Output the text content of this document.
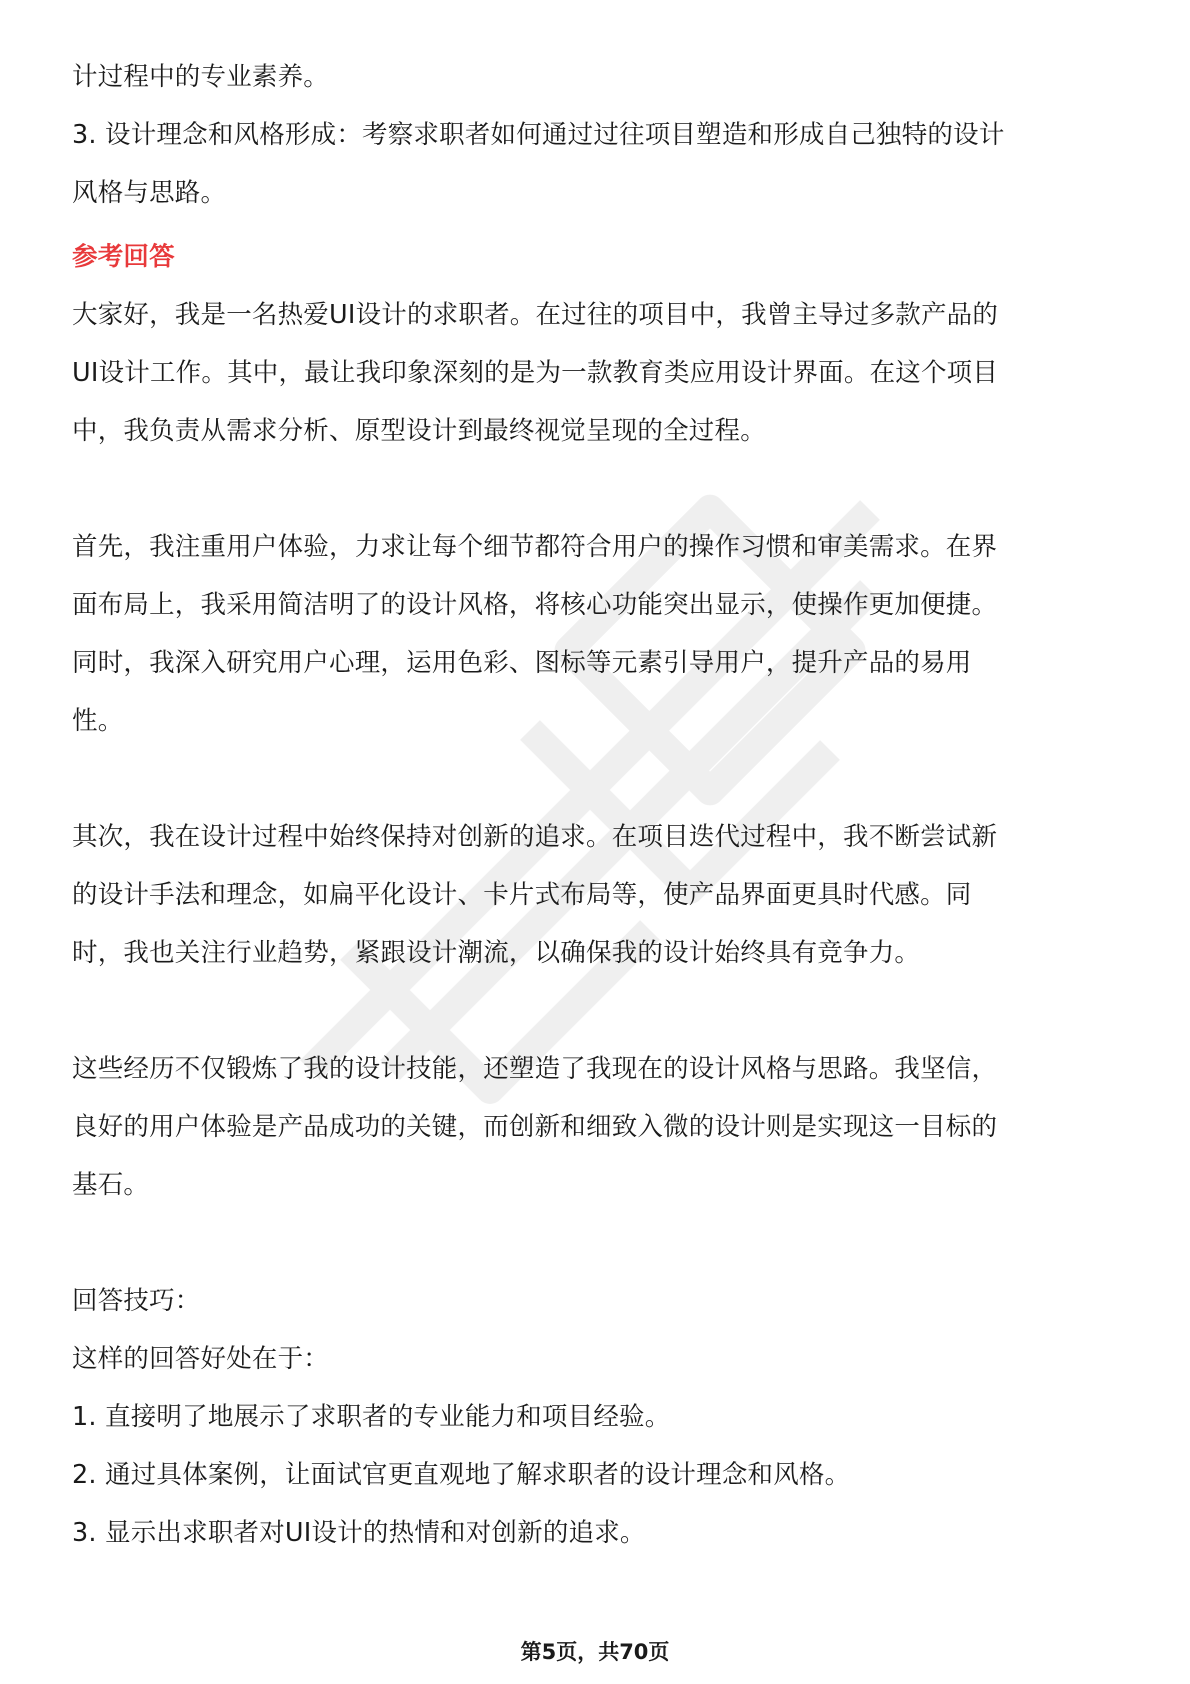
计过程中的专业素养。
3. 设计理念和风格形成：考察求职者如何通过过往项目塑造和形成自己独特的设计
风格与思路。
参考回答
大家好，我是一名热爱UI设计的求职者。在过往的项目中，我曾主导过多款产品的
UI设计工作。其中，最让我印象深刻的是为一款教育类应用设计界面。在这个项目
中，我负责从需求分析、原型设计到最终视觉呈现的全过程。
首先，我注重用户体验，力求让每个细节都符合用户的操作习惯和审美需求。在界
面布局上，我采用简洁明了的设计风格，将核心功能突出显示，使操作更加便捷。
同时，我深入研究用户心理，运用色彩、图标等元素引导用户，提升产品的易用
性。
其次，我在设计过程中始终保持对创新的追求。在项目迭代过程中，我不断尝试新
的设计手法和理念，如扁平化设计、卡片式布局等，使产品界面更具时代感。同
时，我也关注行业趋势，紧跟设计潮流，以确保我的设计始终具有竞争力。
这些经历不仅锻炼了我的设计技能，还塑造了我现在的设计风格与思路。我坚信，
良好的用户体验是产品成功的关键，而创新和细致入微的设计则是实现这一目标的
基石。
回答技巧：
这样的回答好处在于：
1. 直接明了地展示了求职者的专业能力和项目经验。
2. 通过具体案例，让面试官更直观地了解求职者的设计理念和风格。
3. 显示出求职者对UI设计的热情和对创新的追求。
第5页，共70页
